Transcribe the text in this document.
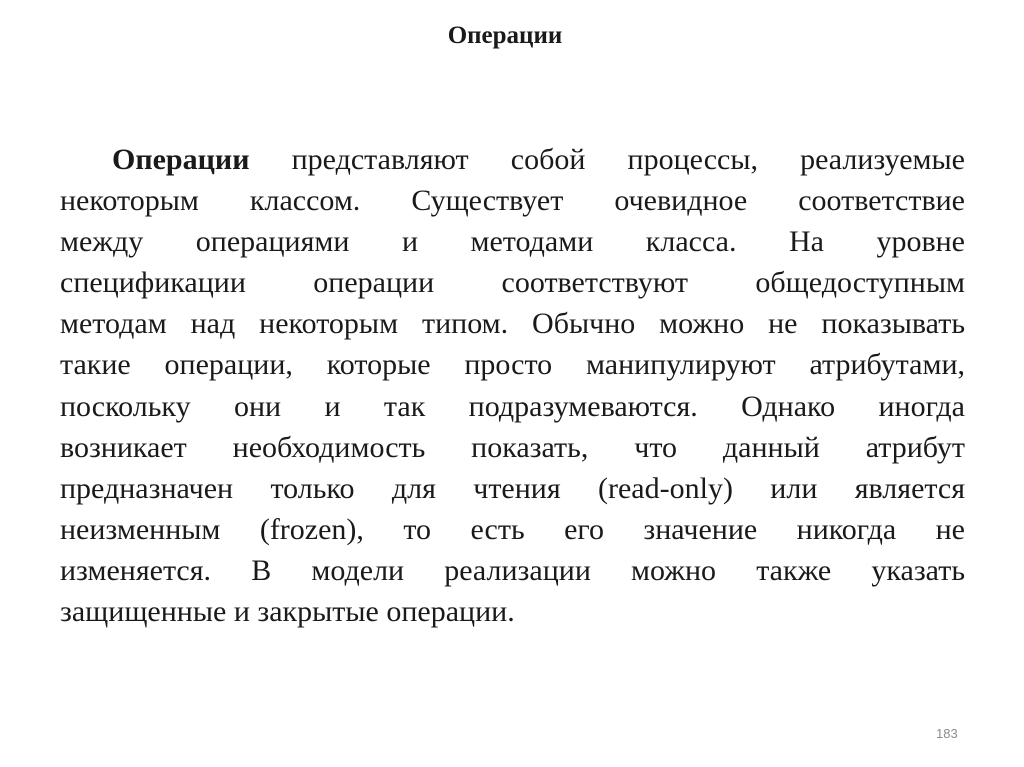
Операции
Операции представляют собой процессы, реализуемые
некоторым классом. Существует очевидное соответствие
между операциями и методами класса. На уровне
спецификации операции соответствуют общедоступным
методам над некоторым типом. Обычно можно не показывать
такие операции, которые просто манипулируют атрибутами,
поскольку они и так подразумеваются. Однако иногда
возникает необходимость показать, что данный атрибут
предназначен только для чтения (read-only) или является
неизменным (frozen), то есть его значение никогда не
изменяется. В модели реализации можно также указать
защищенные и закрытые операции.
183
